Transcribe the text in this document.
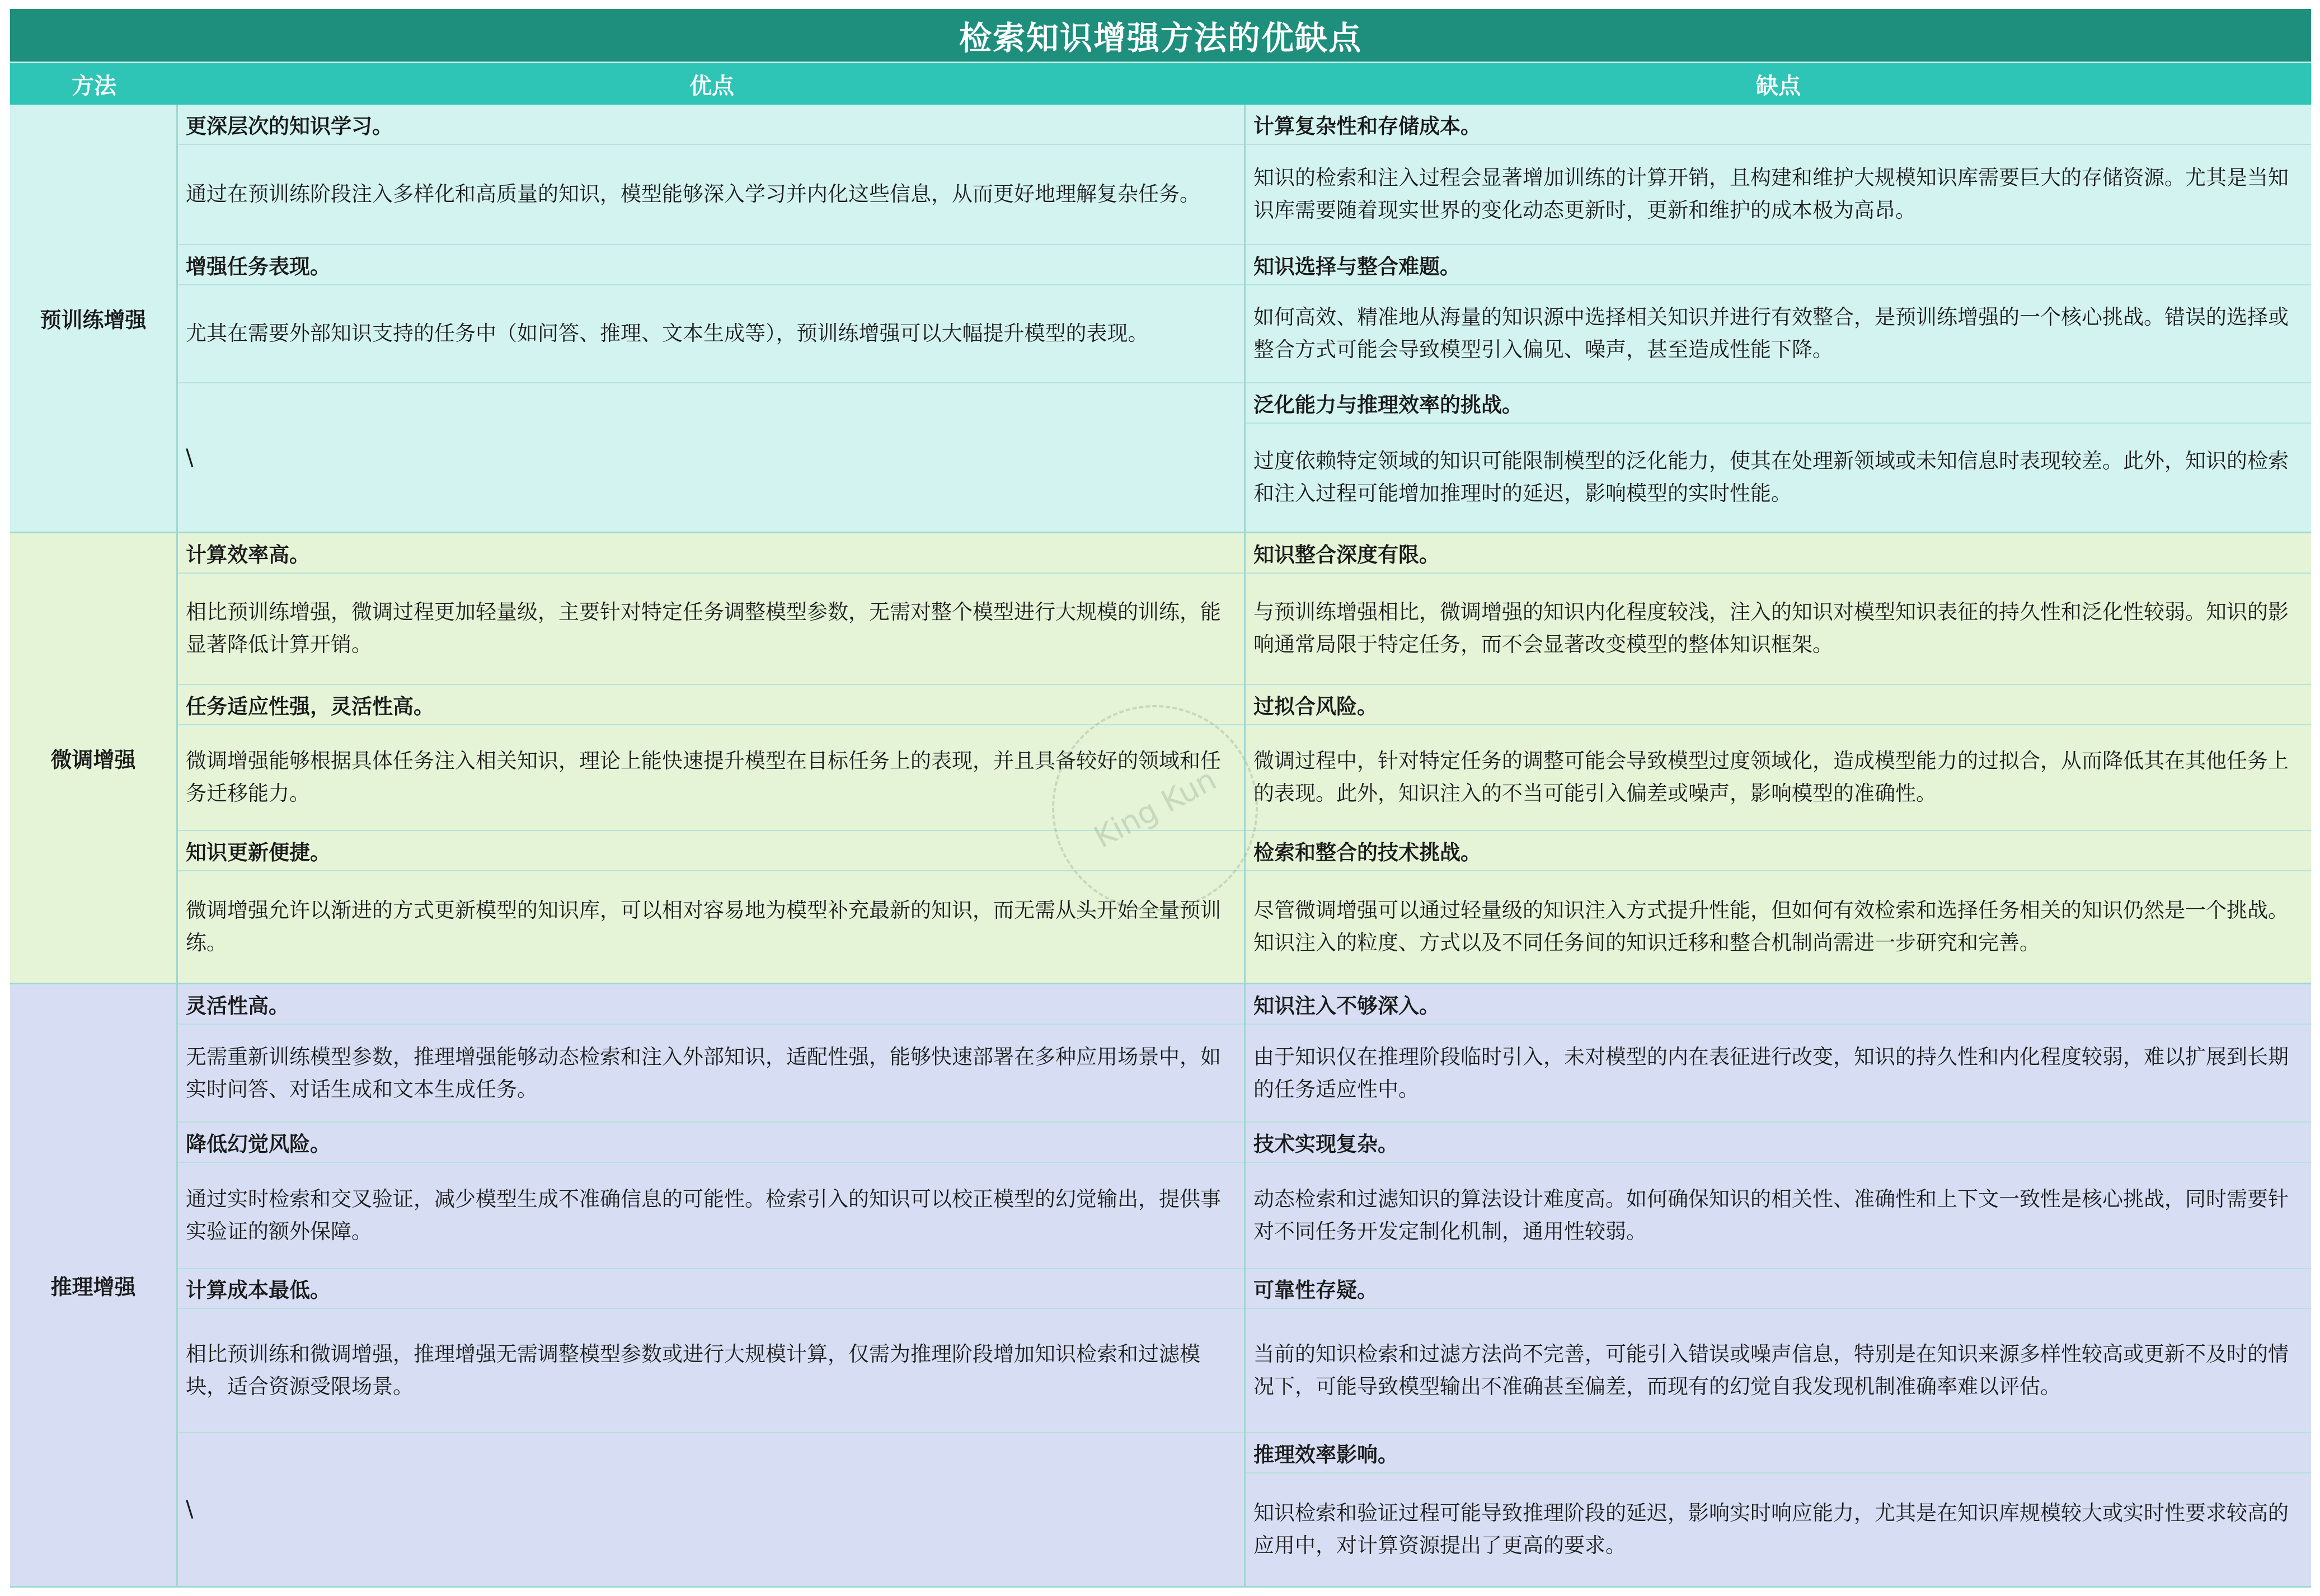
检索知识增强方法的优缺点
方法	优点	缺点
预训练增强
更深层次的知识学习。
通过在预训练阶段注入多样化和高质量的知识，模型能够深入学习并内化这些信息，从而更好地理解复杂任务。
增强任务表现。
尤其在需要外部知识支持的任务中（如问答、推理、文本生成等），预训练增强可以大幅提升模型的表现。
\
计算复杂性和存储成本。
知识的检索和注入过程会显著增加训练的计算开销，且构建和维护大规模知识库需要巨大的存储资源。尤其是当知识库需要随着现实世界的变化动态更新时，更新和维护的成本极为高昂。
知识选择与整合难题。
如何高效、精准地从海量的知识源中选择相关知识并进行有效整合，是预训练增强的一个核心挑战。错误的选择或整合方式可能会导致模型引入偏见、噪声，甚至造成性能下降。
泛化能力与推理效率的挑战。
过度依赖特定领域的知识可能限制模型的泛化能力，使其在处理新领域或未知信息时表现较差。此外，知识的检索和注入过程可能增加推理时的延迟，影响模型的实时性能。
微调增强
计算效率高。
相比预训练增强，微调过程更加轻量级，主要针对特定任务调整模型参数，无需对整个模型进行大规模的训练，能显著降低计算开销。
任务适应性强，灵活性高。
微调增强能够根据具体任务注入相关知识，理论上能快速提升模型在目标任务上的表现，并且具备较好的领域和任务迁移能力。
知识更新便捷。
微调增强允许以渐进的方式更新模型的知识库，可以相对容易地为模型补充最新的知识，而无需从头开始全量预训练。
知识整合深度有限。
与预训练增强相比，微调增强的知识内化程度较浅，注入的知识对模型知识表征的持久性和泛化性较弱。知识的影响通常局限于特定任务，而不会显著改变模型的整体知识框架。
过拟合风险。
微调过程中，针对特定任务的调整可能会导致模型过度领域化，造成模型能力的过拟合，从而降低其在其他任务上的表现。此外，知识注入的不当可能引入偏差或噪声，影响模型的准确性。
检索和整合的技术挑战。
尽管微调增强可以通过轻量级的知识注入方式提升性能，但如何有效检索和选择任务相关的知识仍然是一个挑战。知识注入的粒度、方式以及不同任务间的知识迁移和整合机制尚需进一步研究和完善。
推理增强
灵活性高。
无需重新训练模型参数，推理增强能够动态检索和注入外部知识，适配性强，能够快速部署在多种应用场景中，如实时问答、对话生成和文本生成任务。
降低幻觉风险。
通过实时检索和交叉验证，减少模型生成不准确信息的可能性。检索引入的知识可以校正模型的幻觉输出，提供事实验证的额外保障。
计算成本最低。
相比预训练和微调增强，推理增强无需调整模型参数或进行大规模计算，仅需为推理阶段增加知识检索和过滤模块，适合资源受限场景。
\
知识注入不够深入。
由于知识仅在推理阶段临时引入，未对模型的内在表征进行改变，知识的持久性和内化程度较弱，难以扩展到长期的任务适应性中。
技术实现复杂。
动态检索和过滤知识的算法设计难度高。如何确保知识的相关性、准确性和上下文一致性是核心挑战，同时需要针对不同任务开发定制化机制，通用性较弱。
可靠性存疑。
当前的知识检索和过滤方法尚不完善，可能引入错误或噪声信息，特别是在知识来源多样性较高或更新不及时的情况下，可能导致模型输出不准确甚至偏差，而现有的幻觉自我发现机制准确率难以评估。
推理效率影响。
知识检索和验证过程可能导致推理阶段的延迟，影响实时响应能力，尤其是在知识库规模较大或实时性要求较高的应用中，对计算资源提出了更高的要求。
King Kun
